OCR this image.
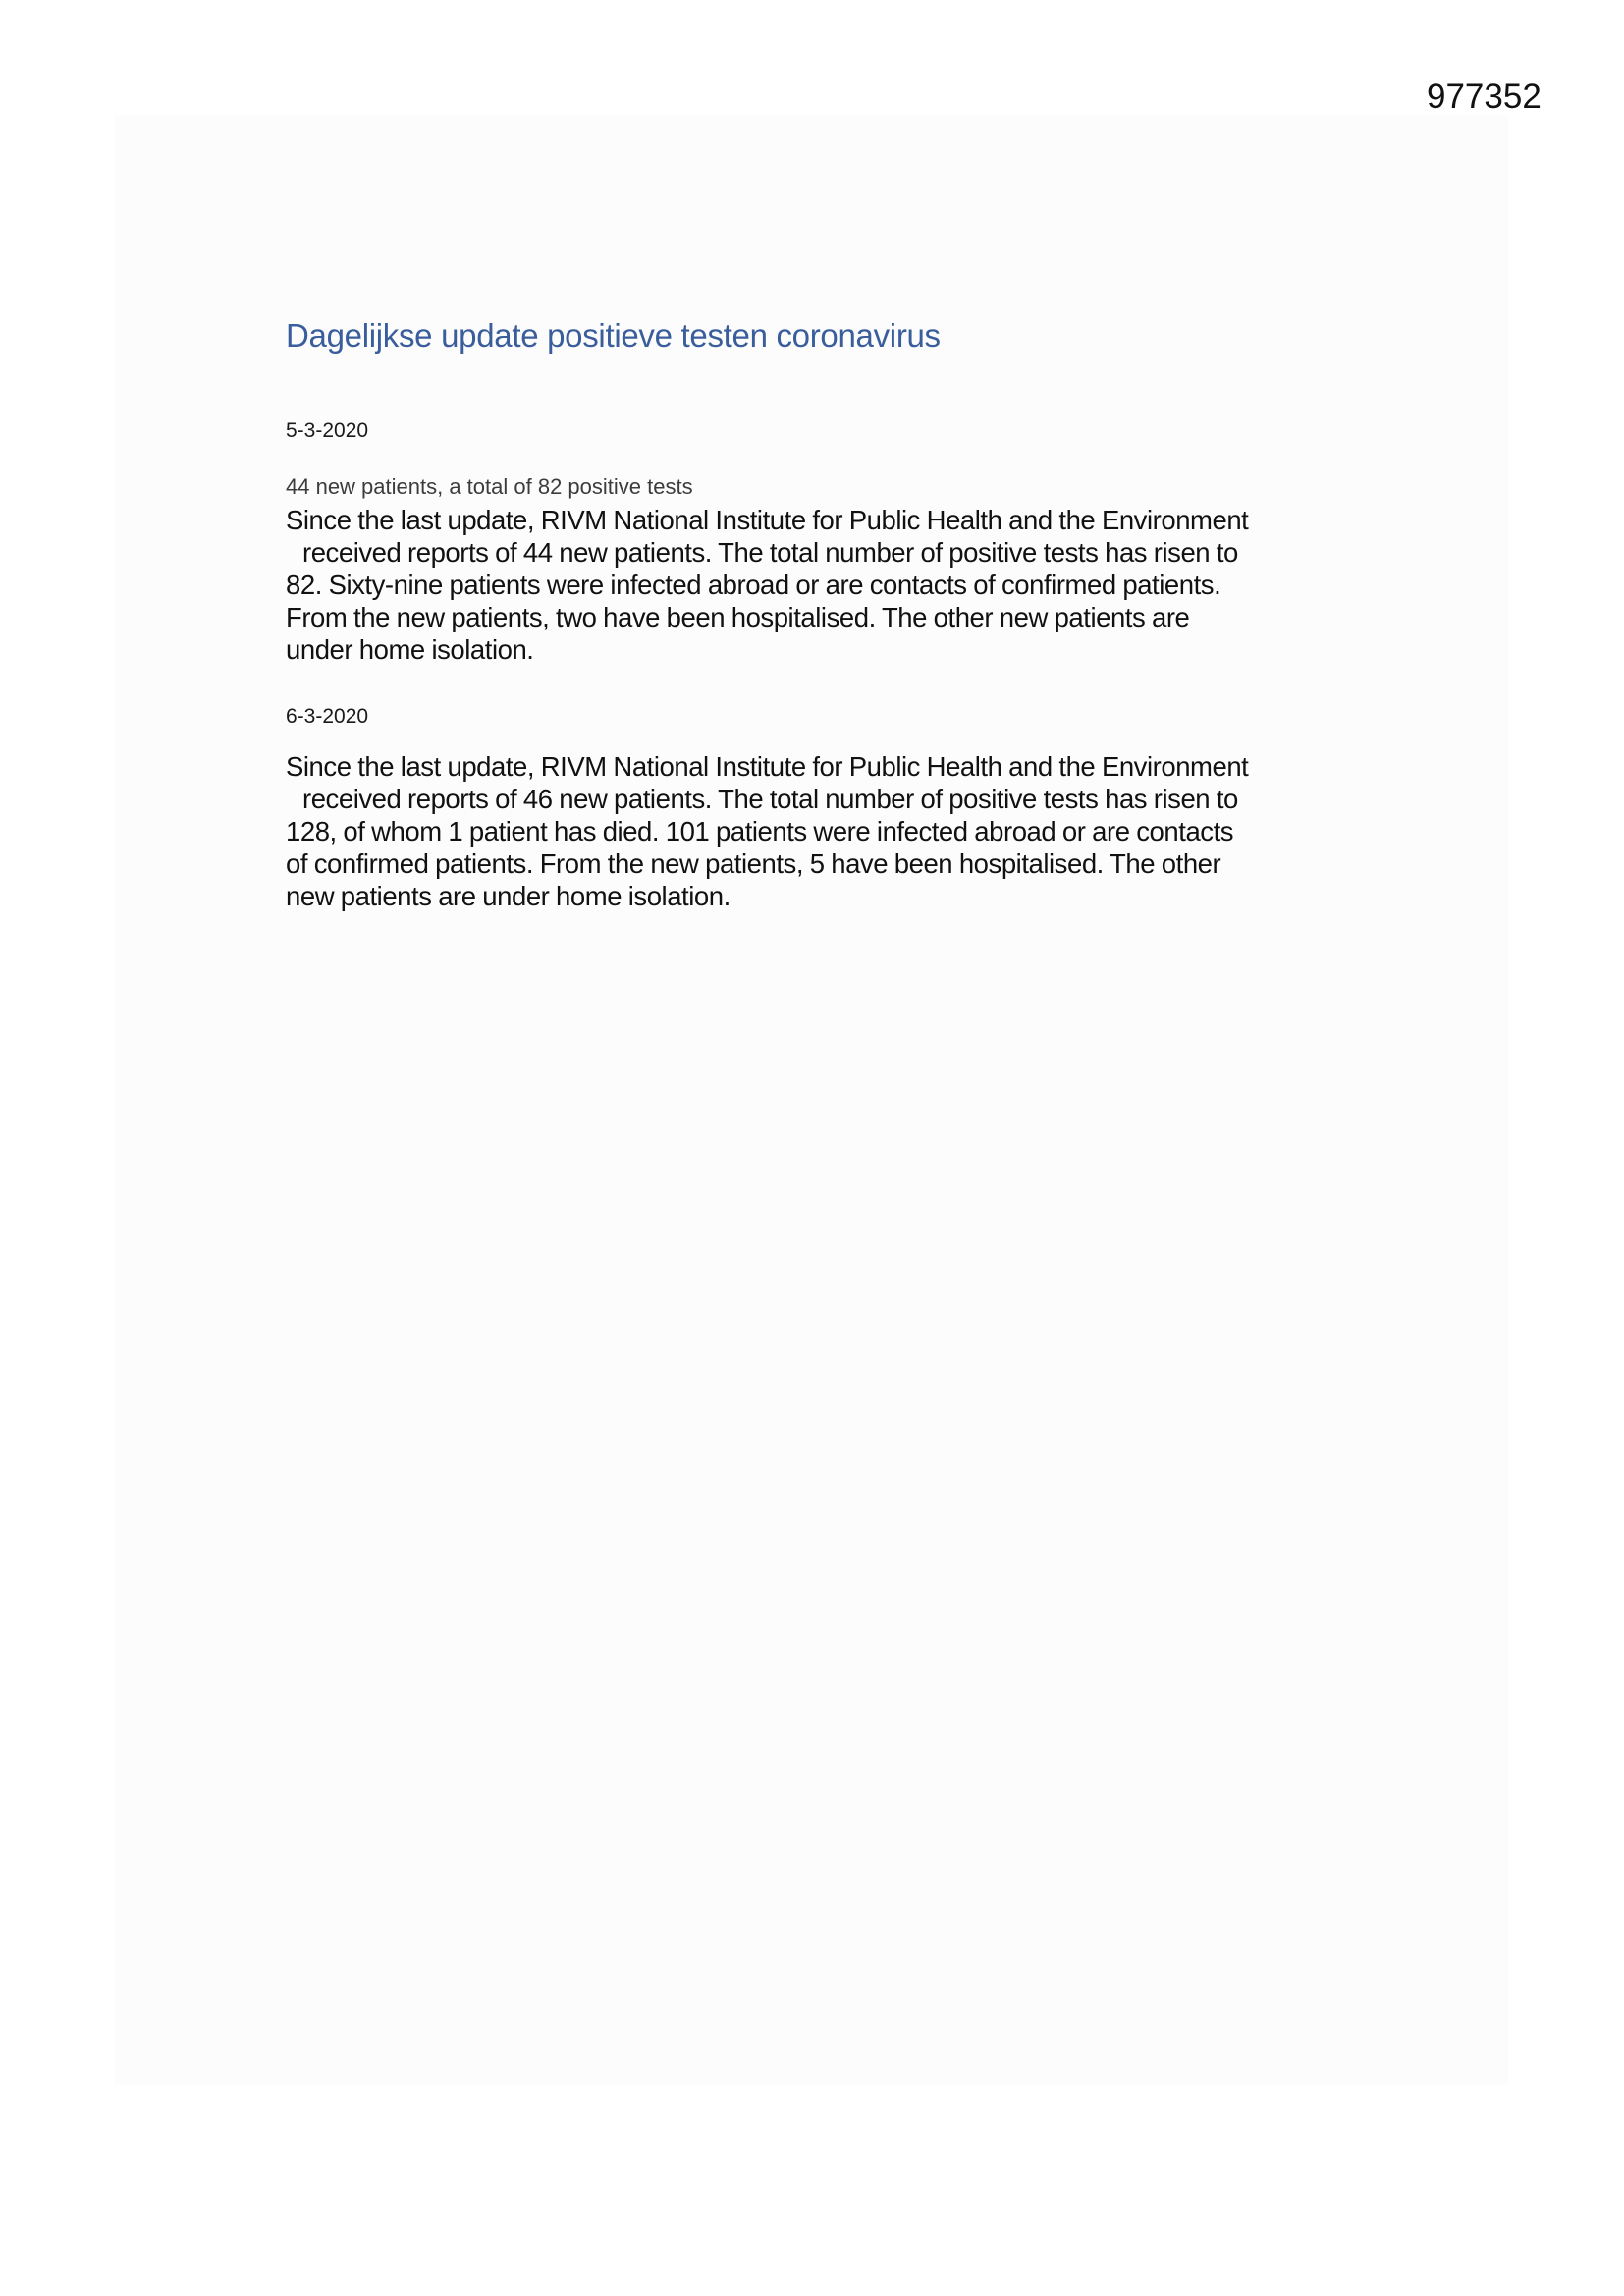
977352
Dagelijkse update positieve testen coronavirus
5-3-2020
44 new patients, a total of 82 positive tests
Since the last update, RIVM National Institute for Public Health and the Environment
received reports of 44 new patients. The total number of positive tests has risen to
82. Sixty-nine patients were infected abroad or are contacts of confirmed patients.
From the new patients, two have been hospitalised. The other new patients are
under home isolation.
6-3-2020
Since the last update, RIVM National Institute for Public Health and the Environment
received reports of 46 new patients. The total number of positive tests has risen to
128, of whom 1 patient has died. 101 patients were infected abroad or are contacts
of confirmed patients. From the new patients, 5 have been hospitalised. The other
new patients are under home isolation.
